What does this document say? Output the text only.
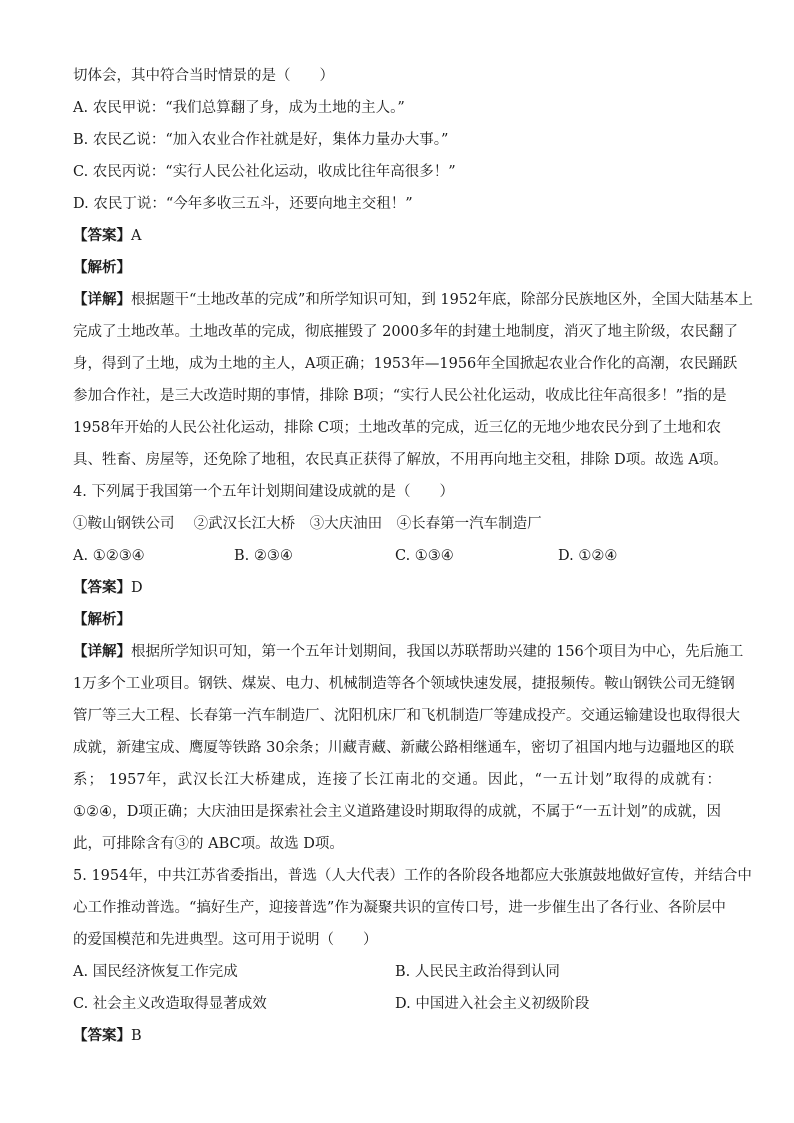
切体会，其中符合当时情景的是（　　）
A. 农民甲说：“我们总算翻了身，成为土地的主人。”
B. 农民乙说：“加入农业合作社就是好，集体力量办大事。”
C. 农民丙说：“实行人民公社化运动，收成比往年高很多！”
D. 农民丁说：“今年多收三五斗，还要向地主交租！”
【答案】A
【解析】
【详解】根据题干“土地改革的完成”和所学知识可知，到 1952年底，除部分民族地区外，全国大陆基本上
完成了土地改革。土地改革的完成，彻底摧毁了 2000多年的封建土地制度，消灭了地主阶级，农民翻了
身，得到了土地，成为土地的主人，A项正确；1953年—1956年全国掀起农业合作化的高潮，农民踊跃
参加合作社，是三大改造时期的事情，排除 B项；“实行人民公社化运动，收成比往年高很多！”指的是
1958年开始的人民公社化运动，排除 C项；土地改革的完成，近三亿的无地少地农民分到了土地和农
具、牲畜、房屋等，还免除了地租，农民真正获得了解放，不用再向地主交租，排除 D项。故选 A项。
4. 下列属于我国第一个五年计划期间建设成就的是（　　）
①鞍山钢铁公司　 ②武汉长江大桥　③大庆油田　④长春第一汽车制造厂
A. ①②③④	B. ②③④	C. ①③④	D. ①②④
【答案】D
【解析】
【详解】根据所学知识可知，第一个五年计划期间，我国以苏联帮助兴建的 156个项目为中心，先后施工
1万多个工业项目。钢铁、煤炭、电力、机械制造等各个领域快速发展，捷报频传。鞍山钢铁公司无缝钢
管厂等三大工程、长春第一汽车制造厂、沈阳机床厂和飞机制造厂等建成投产。交通运输建设也取得很大
成就，新建宝成、鹰厦等铁路 30余条；川藏青藏、新藏公路相继通车，密切了祖国内地与边疆地区的联
系； 1957年，武汉长江大桥建成，连接了长江南北的交通。因此，“一五计划”取得的成就有：
①②④，D项正确；大庆油田是探索社会主义道路建设时期取得的成就，不属于“一五计划”的成就，因
此，可排除含有③的 ABC项。故选 D项。
5. 1954年，中共江苏省委指出，普选（人大代表）工作的各阶段各地都应大张旗鼓地做好宣传，并结合中
心工作推动普选。“搞好生产，迎接普选”作为凝聚共识的宣传口号，进一步催生出了各行业、各阶层中
的爱国模范和先进典型。这可用于说明（　　）
A. 国民经济恢复工作完成	B. 人民民主政治得到认同
C. 社会主义改造取得显著成效	D. 中国进入社会主义初级阶段
【答案】B
